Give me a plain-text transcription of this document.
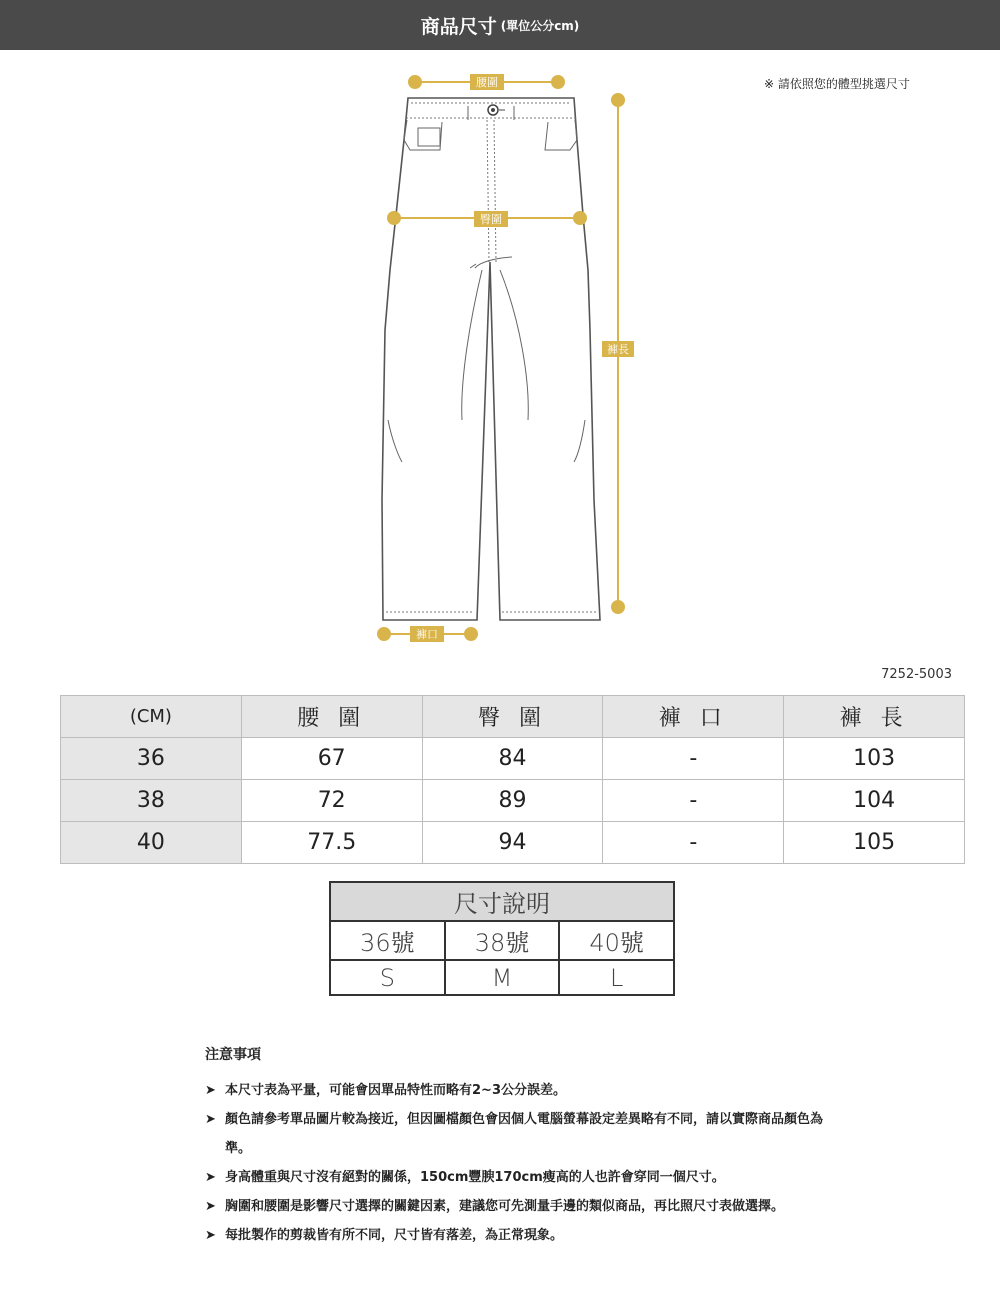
商品尺寸 (單位公分cm)
※ 請依照您的體型挑選尺寸
腰圍
臀圍
褲長
褲口
7252-5003
(CM)	腰 圍	臀 圍	褲 口	褲 長
36	67	84	-	103
38	72	89	-	104
40	77.5	94	-	105
尺寸說明		
36號	38號	40號
S	M	L
注意事項
➤ 本尺寸表為平量，可能會因單品特性而略有2~3公分誤差。
➤ 顏色請參考單品圖片較為接近，但因圖檔顏色會因個人電腦螢幕設定差異略有不同，請以實際商品顏色為準。
➤ 身高體重與尺寸沒有絕對的關係，150cm豐腴170cm瘦高的人也許會穿同一個尺寸。
➤ 胸圍和腰圍是影響尺寸選擇的關鍵因素，建議您可先測量手邊的類似商品，再比照尺寸表做選擇。
➤ 每批製作的剪裁皆有所不同，尺寸皆有落差，為正常現象。
